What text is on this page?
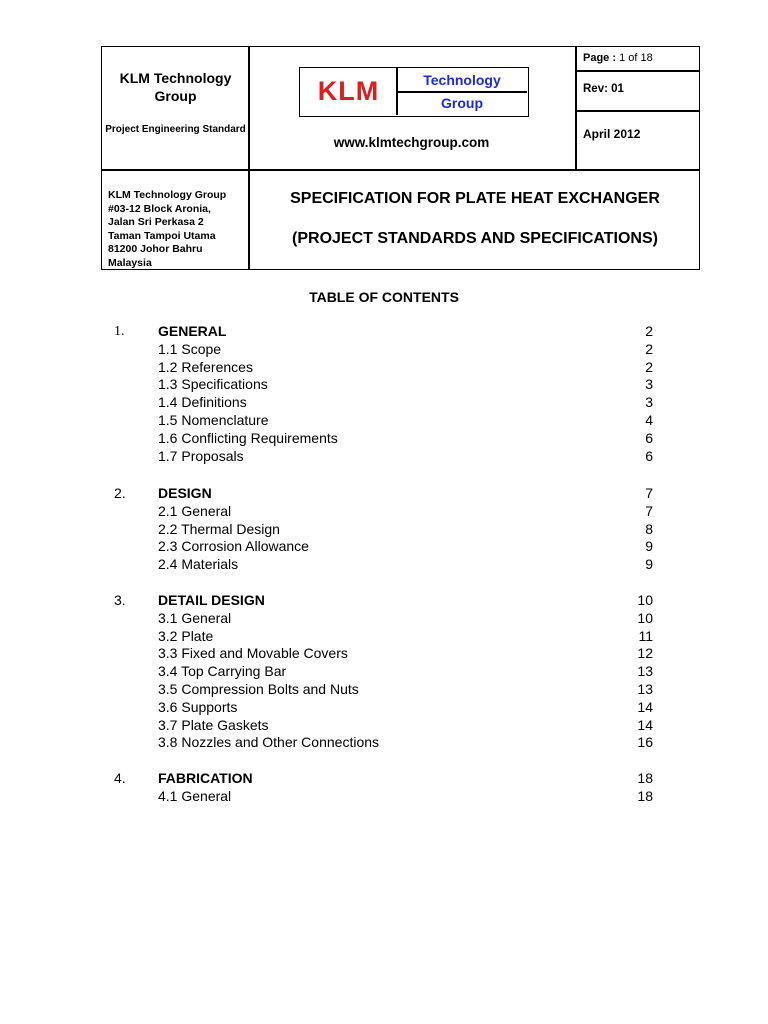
KLM Technology Group
Project Engineering Standard
KLM	Technology
Group
www.klmtechgroup.com
Page : 1 of 18
Rev: 01
April 2012
KLM Technology Group
#03-12 Block Aronia,
Jalan Sri Perkasa 2
Taman Tampoi Utama
81200 Johor Bahru
Malaysia
SPECIFICATION FOR PLATE HEAT EXCHANGER
(PROJECT STANDARDS AND SPECIFICATIONS)
TABLE OF CONTENTS
1. GENERAL	2
1.1 Scope	2
1.2 References	2
1.3 Specifications	3
1.4 Definitions	3
1.5 Nomenclature	4
1.6 Conflicting Requirements	6
1.7 Proposals	6
2. DESIGN	7
2.1 General	7
2.2 Thermal Design	8
2.3 Corrosion Allowance	9
2.4 Materials	9
3. DETAIL DESIGN	10
3.1 General	10
3.2 Plate	11
3.3 Fixed and Movable Covers	12
3.4 Top Carrying Bar	13
3.5 Compression Bolts and Nuts	13
3.6 Supports	14
3.7 Plate Gaskets	14
3.8 Nozzles and Other Connections	16
4. FABRICATION	18
4.1 General	18
